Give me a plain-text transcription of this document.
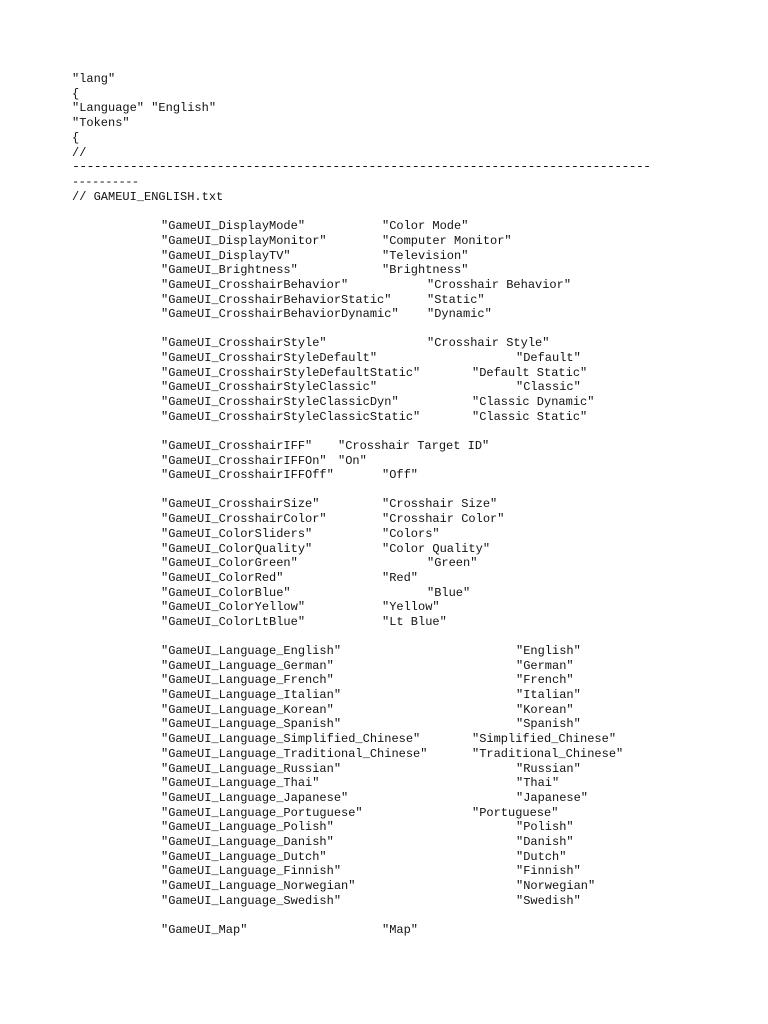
"lang"
{
"Language" "English"
"Tokens"
{
//
--------------------------------------------------------------------------------
----------
// GAMEUI_ENGLISH.txt
"GameUI_DisplayMode"	"Color Mode"
"GameUI_DisplayMonitor"	"Computer Monitor"
"GameUI_DisplayTV"	"Television"
"GameUI_Brightness"	"Brightness"
"GameUI_CrosshairBehavior"	"Crosshair Behavior"
"GameUI_CrosshairBehaviorStatic"	"Static"
"GameUI_CrosshairBehaviorDynamic" "Dynamic"
"GameUI_CrosshairStyle"	"Crosshair Style"
"GameUI_CrosshairStyleDefault"	"Default"
"GameUI_CrosshairStyleDefaultStatic"	"Default Static"
"GameUI_CrosshairStyleClassic"	"Classic"
"GameUI_CrosshairStyleClassicDyn"	"Classic Dynamic"
"GameUI_CrosshairStyleClassicStatic"	"Classic Static"
"GameUI_CrosshairIFF" "Crosshair Target ID"
"GameUI_CrosshairIFFOn" "On"
"GameUI_CrosshairIFFOff"	"Off"
"GameUI_CrosshairSize"	"Crosshair Size"
"GameUI_CrosshairColor"	"Crosshair Color"
"GameUI_ColorSliders"	"Colors"
"GameUI_ColorQuality"	"Color Quality"
"GameUI_ColorGreen"	"Green"
"GameUI_ColorRed"	"Red"
"GameUI_ColorBlue"	"Blue"
"GameUI_ColorYellow"	"Yellow"
"GameUI_ColorLtBlue"	"Lt Blue"
"GameUI_Language_English"	"English"
"GameUI_Language_German"	"German"
"GameUI_Language_French"	"French"
"GameUI_Language_Italian"	"Italian"
"GameUI_Language_Korean"	"Korean"
"GameUI_Language_Spanish"	"Spanish"
"GameUI_Language_Simplified_Chinese"	"Simplified_Chinese"
"GameUI_Language_Traditional_Chinese"	"Traditional_Chinese"
"GameUI_Language_Russian"	"Russian"
"GameUI_Language_Thai"	"Thai"
"GameUI_Language_Japanese"	"Japanese"
"GameUI_Language_Portuguese"	"Portuguese"
"GameUI_Language_Polish"	"Polish"
"GameUI_Language_Danish"	"Danish"
"GameUI_Language_Dutch"	"Dutch"
"GameUI_Language_Finnish"	"Finnish"
"GameUI_Language_Norwegian"	"Norwegian"
"GameUI_Language_Swedish"	"Swedish"
"GameUI_Map"	"Map"
